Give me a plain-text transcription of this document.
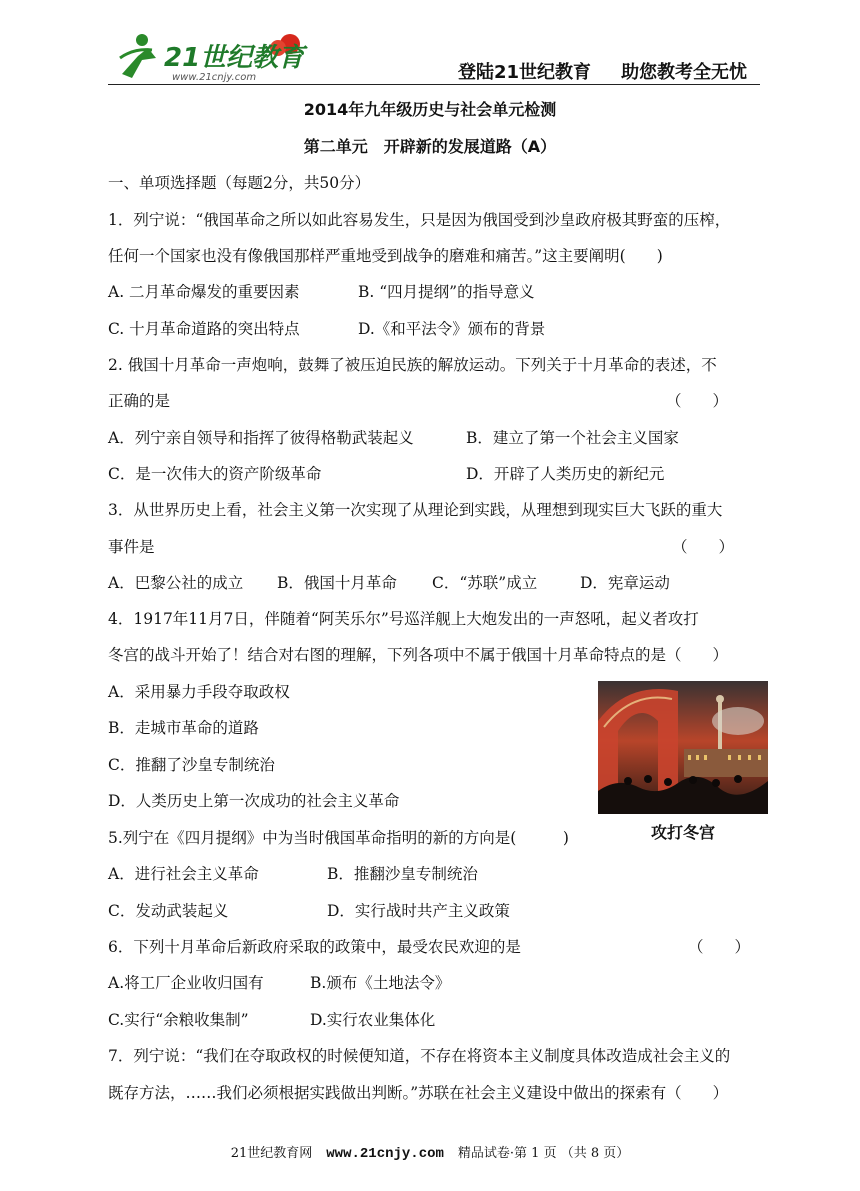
21世纪教育
www.21cnjy.com	登陆21世纪教育 助您教考全无忧
2014年九年级历史与社会单元检测
第二单元　开辟新的发展道路（A）
一、单项选择题（每题2分，共50分）
1．列宁说：“俄国革命之所以如此容易发生，只是因为俄国受到沙皇政府极其野蛮的压榨，
任何一个国家也没有像俄国那样严重地受到战争的磨难和痛苦。”这主要阐明(　　)
A. 二月革命爆发的重要因素	B. “四月提纲”的指导意义
C. 十月革命道路的突出特点	D.《和平法令》颁布的背景
2. 俄国十月革命一声炮响，鼓舞了被压迫民族的解放运动。下列关于十月革命的表述，不
正确的是	（　　）
A．列宁亲自领导和指挥了彼得格勒武装起义	B．建立了第一个社会主义国家
C．是一次伟大的资产阶级革命	D．开辟了人类历史的新纪元
3．从世界历史上看，社会主义第一次实现了从理论到实践，从理想到现实巨大飞跃的重大
事件是	（　　）
A．巴黎公社的成立 B．俄国十月革命 C．“苏联”成立	D．宪章运动
4．1917年11月7日，伴随着“阿芙乐尔”号巡洋舰上大炮发出的一声怒吼，起义者攻打
冬宫的战斗开始了！结合对右图的理解，下列各项中不属于俄国十月革命特点的是（　　）
A．采用暴力手段夺取政权
B．走城市革命的道路
C．推翻了沙皇专制统治
D．人类历史上第一次成功的社会主义革命
攻打冬宫
5.列宁在《四月提纲》中为当时俄国革命指明的新的方向是(　　　)
A．进行社会主义革命	B．推翻沙皇专制统治
C．发动武装起义	D．实行战时共产主义政策
6．下列十月革命后新政府采取的政策中，最受农民欢迎的是	（　　）
A.将工厂企业收归国有	B.颁布《土地法令》
C.实行“余粮收集制”	D.实行农业集体化
7．列宁说：“我们在夺取政权的时候便知道，不存在将资本主义制度具体改造成社会主义的
既存方法，……我们必须根据实践做出判断。”苏联在社会主义建设中做出的探索有（　　）
21世纪教育网 www.21cnjy.com 精品试卷·第 1 页 （共 8 页）
